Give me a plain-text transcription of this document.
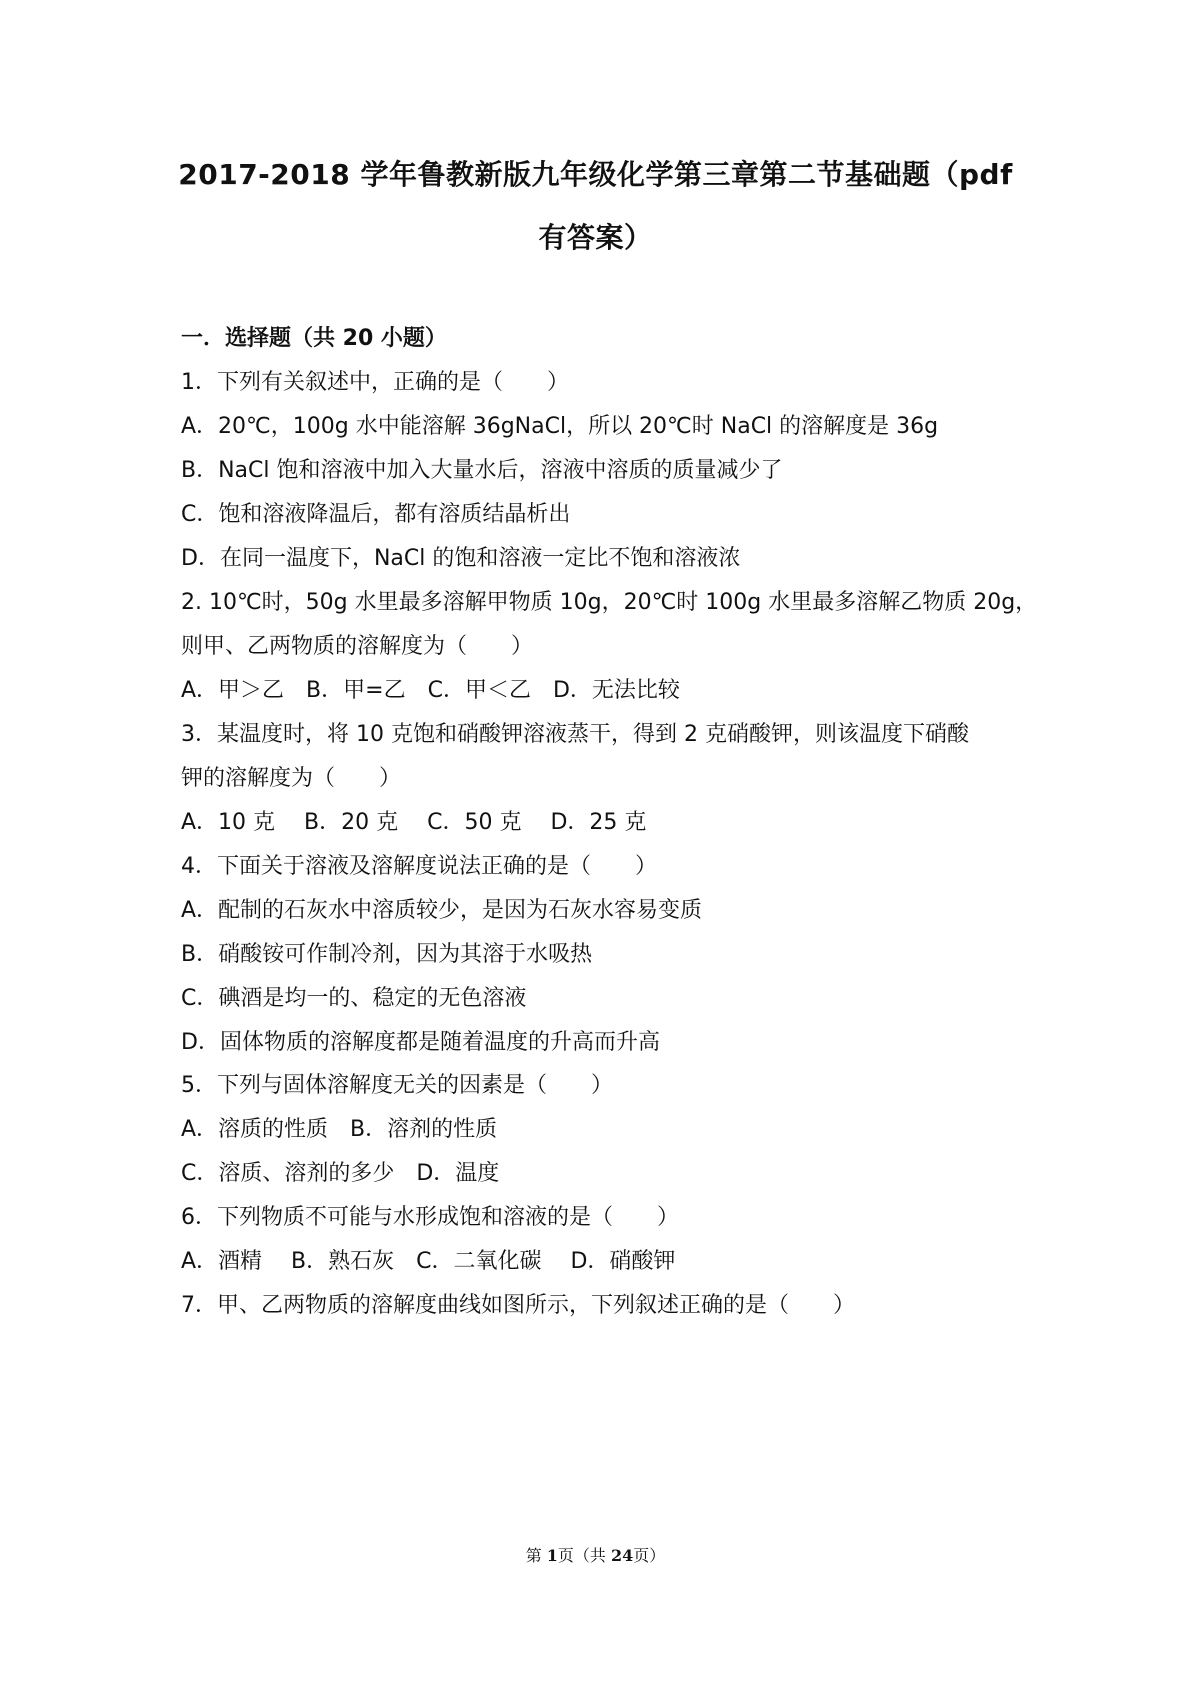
2017-2018 学年鲁教新版九年级化学第三章第二节基础题（pdf
有答案）
一．选择题（共 20 小题）
1．下列有关叙述中，正确的是（　　）
A．20℃，100g 水中能溶解 36gNaCl，所以 20℃时 NaCl 的溶解度是 36g
B．NaCl 饱和溶液中加入大量水后，溶液中溶质的质量减少了
C．饱和溶液降温后，都有溶质结晶析出
D．在同一温度下，NaCl 的饱和溶液一定比不饱和溶液浓
2. 10℃时，50g 水里最多溶解甲物质 10g，20℃时 100g 水里最多溶解乙物质 20g，
则甲、乙两物质的溶解度为（　　）
A．甲＞乙　B．甲=乙　C．甲＜乙　D．无法比较
3．某温度时，将 10 克饱和硝酸钾溶液蒸干，得到 2 克硝酸钾，则该温度下硝酸
钾的溶解度为（　　）
A．10 克　 B．20 克　 C．50 克　 D．25 克
4．下面关于溶液及溶解度说法正确的是（　　）
A．配制的石灰水中溶质较少，是因为石灰水容易变质
B．硝酸铵可作制冷剂，因为其溶于水吸热
C．碘酒是均一的、稳定的无色溶液
D．固体物质的溶解度都是随着温度的升高而升高
5．下列与固体溶解度无关的因素是（　　）
A．溶质的性质　B．溶剂的性质
C．溶质、溶剂的多少　D．温度
6．下列物质不可能与水形成饱和溶液的是（　　）
A．酒精　 B．熟石灰　C．二氧化碳　 D．硝酸钾
7．甲、乙两物质的溶解度曲线如图所示，下列叙述正确的是（　　）
第 1页（共 24页）
